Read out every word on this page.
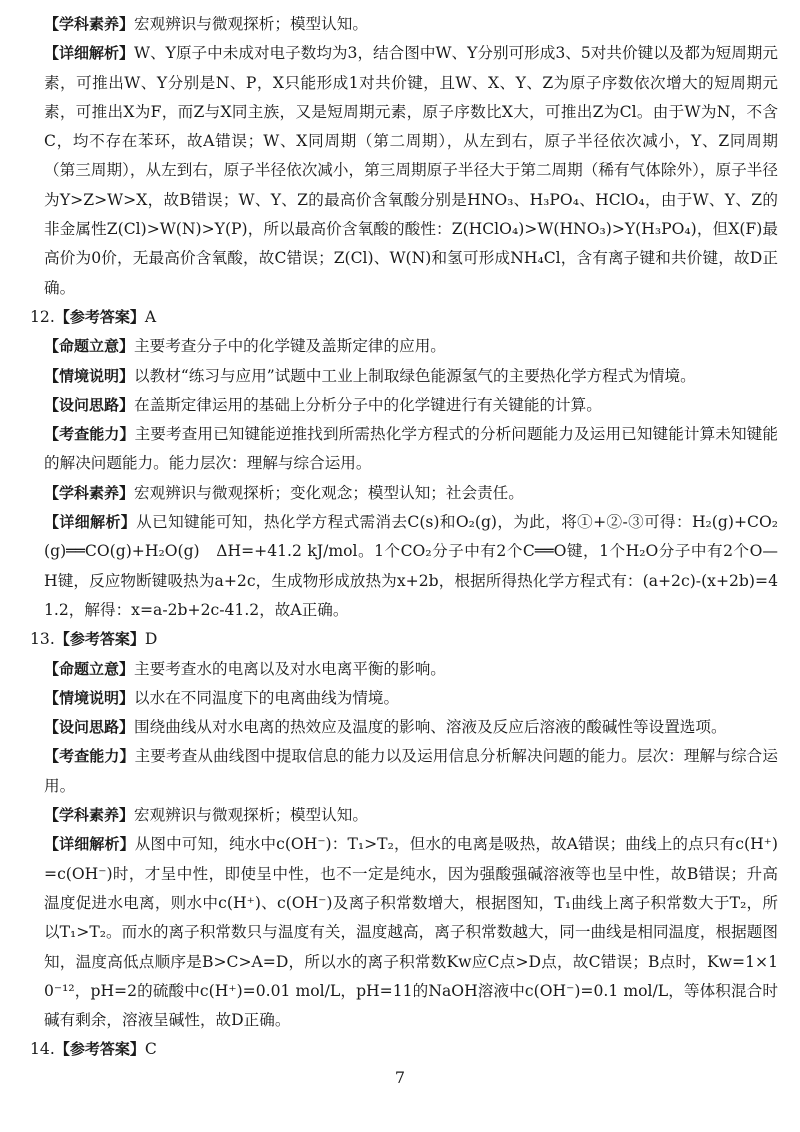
【学科素养】宏观辨识与微观探析；模型认知。
【详细解析】W、Y原子中未成对电子数均为3，结合图中W、Y分别可形成3、5对共价键以及都为短周期元素，可推出W、Y分别是N、P，X只能形成1对共价键，且W、X、Y、Z为原子序数依次增大的短周期元素，可推出X为F，而Z与X同主族，又是短周期元素，原子序数比X大，可推出Z为Cl。由于W为N，不含C，均不存在苯环，故A错误；W、X同周期（第二周期），从左到右，原子半径依次减小，Y、Z同周期（第三周期），从左到右，原子半径依次减小，第三周期原子半径大于第二周期（稀有气体除外），原子半径为Y>Z>W>X，故B错误；W、Y、Z的最高价含氧酸分别是HNO₃、H₃PO₄、HClO₄，由于W、Y、Z的非金属性Z(Cl)>W(N)>Y(P)，所以最高价含氧酸的酸性：Z(HClO₄)>W(HNO₃)>Y(H₃PO₄)，但X(F)最高价为0价，无最高价含氧酸，故C错误；Z(Cl)、W(N)和氢可形成NH₄Cl，含有离子键和共价键，故D正确。
12.【参考答案】A
【命题立意】主要考查分子中的化学键及盖斯定律的应用。
【情境说明】以教材“练习与应用”试题中工业上制取绿色能源氢气的主要热化学方程式为情境。
【设问思路】在盖斯定律运用的基础上分析分子中的化学键进行有关键能的计算。
【考查能力】主要考查用已知键能逆推找到所需热化学方程式的分析问题能力及运用已知键能计算未知键能的解决问题能力。能力层次：理解与综合运用。
【学科素养】宏观辨识与微观探析；变化观念；模型认知；社会责任。
【详细解析】从已知键能可知，热化学方程式需消去C(s)和O₂(g)，为此，将①+②-③可得：H₂(g)+CO₂(g)══CO(g)+H₂O(g)　ΔH=+41.2 kJ/mol。1个CO₂分子中有2个C══O键，1个H₂O分子中有2个O—H键，反应物断键吸热为a+2c，生成物形成放热为x+2b，根据所得热化学方程式有：(a+2c)-(x+2b)=41.2，解得：x=a-2b+2c-41.2，故A正确。
13.【参考答案】D
【命题立意】主要考查水的电离以及对水电离平衡的影响。
【情境说明】以水在不同温度下的电离曲线为情境。
【设问思路】围绕曲线从对水电离的热效应及温度的影响、溶液及反应后溶液的酸碱性等设置选项。
【考查能力】主要考查从曲线图中提取信息的能力以及运用信息分析解决问题的能力。层次：理解与综合运用。
【学科素养】宏观辨识与微观探析；模型认知。
【详细解析】从图中可知，纯水中c(OH⁻)：T₁>T₂，但水的电离是吸热，故A错误；曲线上的点只有c(H⁺)=c(OH⁻)时，才呈中性，即使呈中性，也不一定是纯水，因为强酸强碱溶液等也呈中性，故B错误；升高温度促进水电离，则水中c(H⁺)、c(OH⁻)及离子积常数增大，根据图知，T₁曲线上离子积常数大于T₂，所以T₁>T₂。而水的离子积常数只与温度有关，温度越高，离子积常数越大，同一曲线是相同温度，根据题图知，温度高低点顺序是B>C>A=D，所以水的离子积常数Kw应C点>D点，故C错误；B点时，Kw=1×10⁻¹²，pH=2的硫酸中c(H⁺)=0.01 mol/L，pH=11的NaOH溶液中c(OH⁻)=0.1 mol/L，等体积混合时碱有剩余，溶液呈碱性，故D正确。
14.【参考答案】C
7
